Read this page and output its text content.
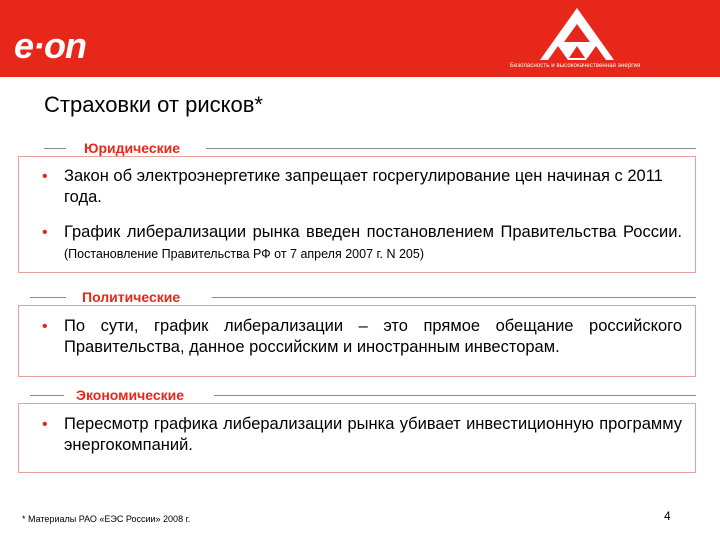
e·on	Безопасность и высококачественная энергия
Страховки от рисков*
Юридические
• Закон об электроэнергетике запрещает госрегулирование цен начиная с 2011 года.
• График либерализации рынка введен постановлением Правительства России. (Постановление Правительства РФ от 7 апреля 2007 г. N 205)
Политические
• По сути, график либерализации – это прямое обещание российского Правительства, данное российским и иностранным инвесторам.
Экономические
• Пересмотр графика либерализации рынка убивает инвестиционную программу энергокомпаний.
* Материалы РАО «ЕЭС России» 2008 г.	4
